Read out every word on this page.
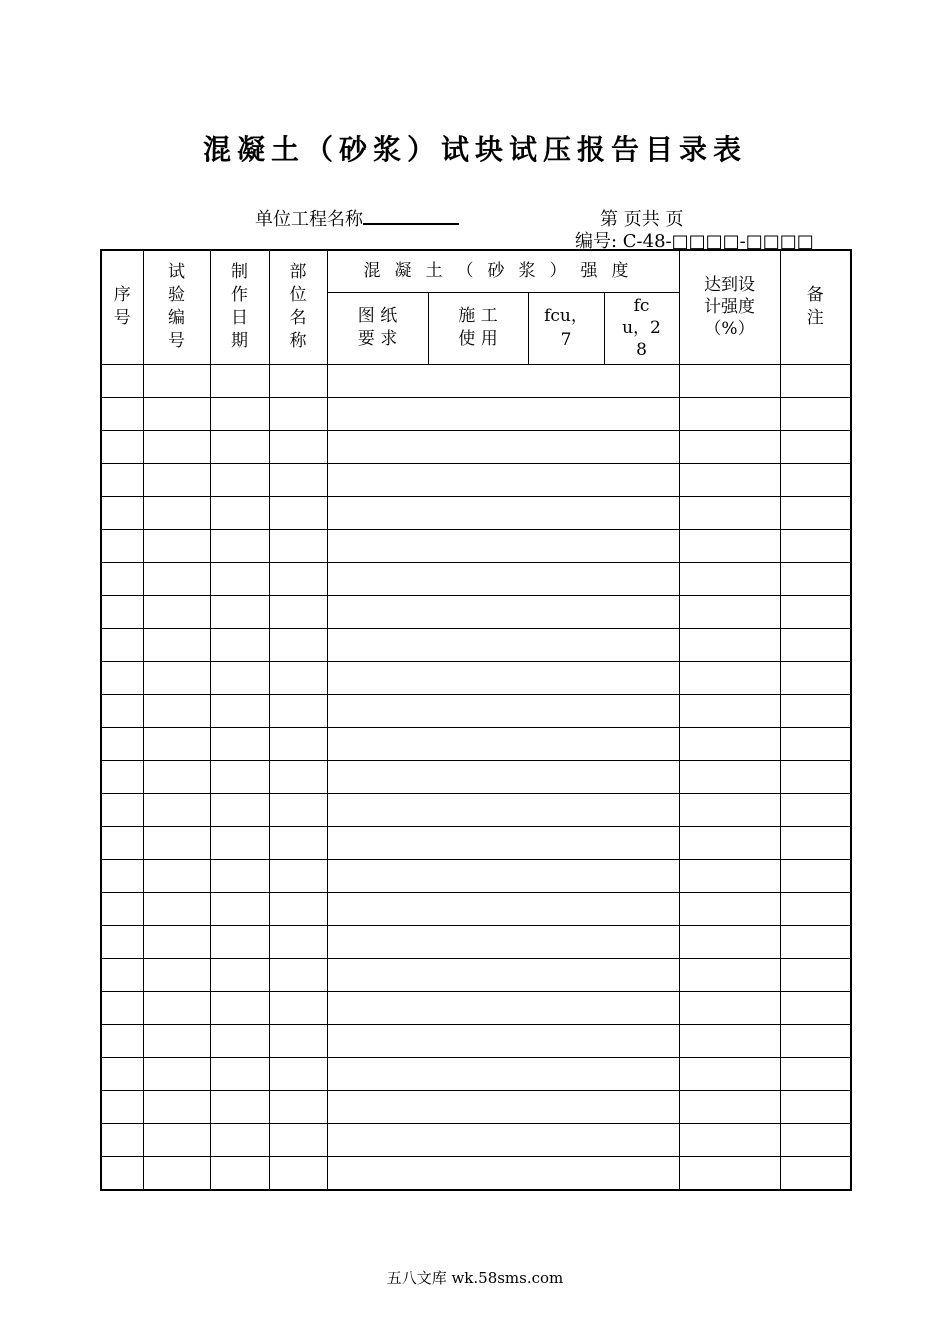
混凝土（砂浆）试块试压报告目录表
单位工程名称	第 页共 页
编号: C-48-□□□□-□□□□
序号	试验编号	制作日期	部位名称	混凝土（砂浆）强度				达到设计强度（%）	备注

				图 纸 要 求	施 工 使 用	fcu，7	fcu，28		

五八文库 wk.58sms.com
